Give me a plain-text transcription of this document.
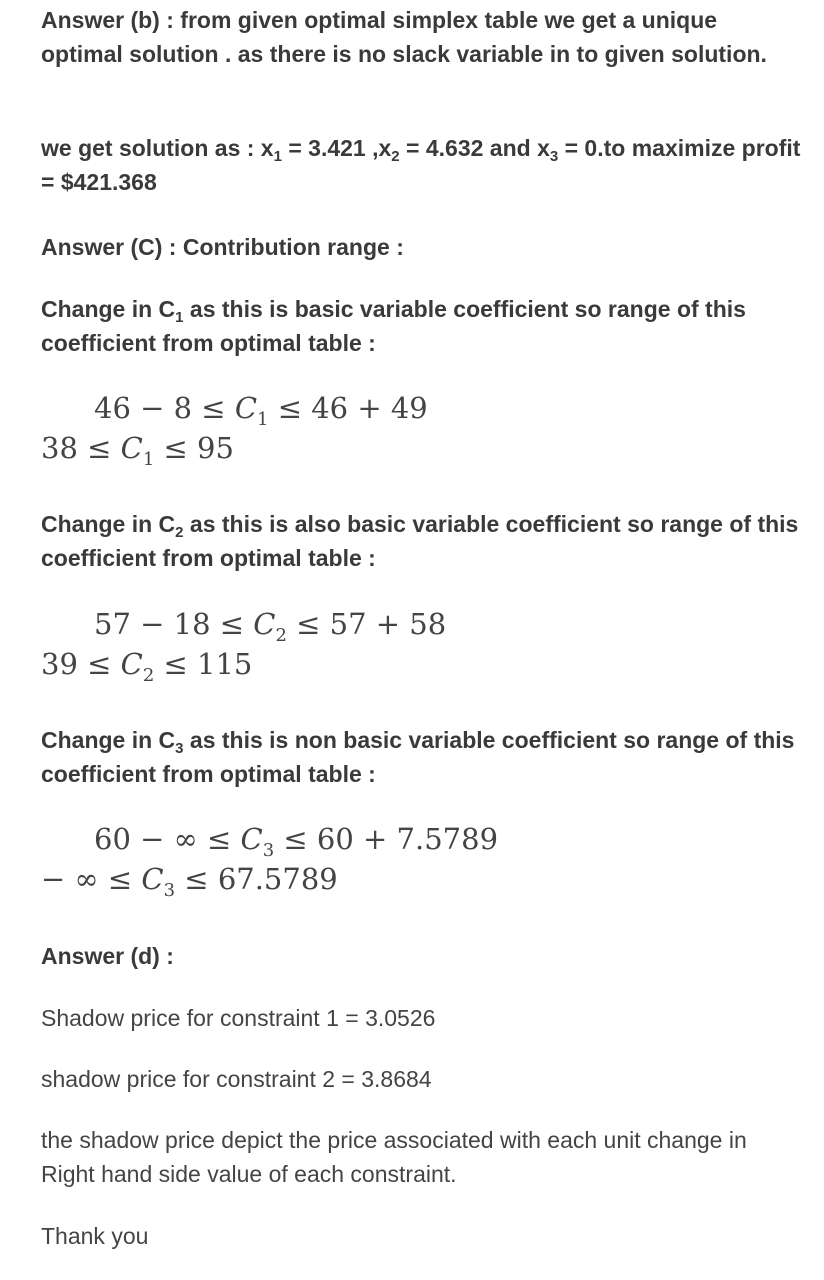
Answer (b) : from given optimal simplex table we get a unique optimal solution . as there is no slack variable in to given solution.

we get solution as : $x_1 = 3.421$ $,x_2 = 4.632$ and $x_3 = 0.to$ maximize profit = $421.368

Answer (C) : Contribution range :

Change in $C_1$ as this is basic variable coefficient so range of this coefficient from optimal table :

$46 - 8 \le C_1 \le 46 + 49$
$38 \le C_1 \le 95$

Change in $C_2$ as this is also basic variable coefficient so range of this coefficient from optimal table :

$57 - 18 \le C_2 \le 57 + 58$
$39 \le C_2 \le 115$

Change in $C_3$ as this is non basic variable coefficient so range of this coefficient from optimal table :

60 − ∞ ≤ $C_3 \le 60 + 7.5789$
− ∞ ≤ $C_3 \le 67.5789$

Answer (d) :

Shadow price for constraint 1 = 3.0526

shadow price for constraint 2 = 3.8684

the shadow price depict the price associated with each unit change in Right hand side value of each constraint.

Thank you
